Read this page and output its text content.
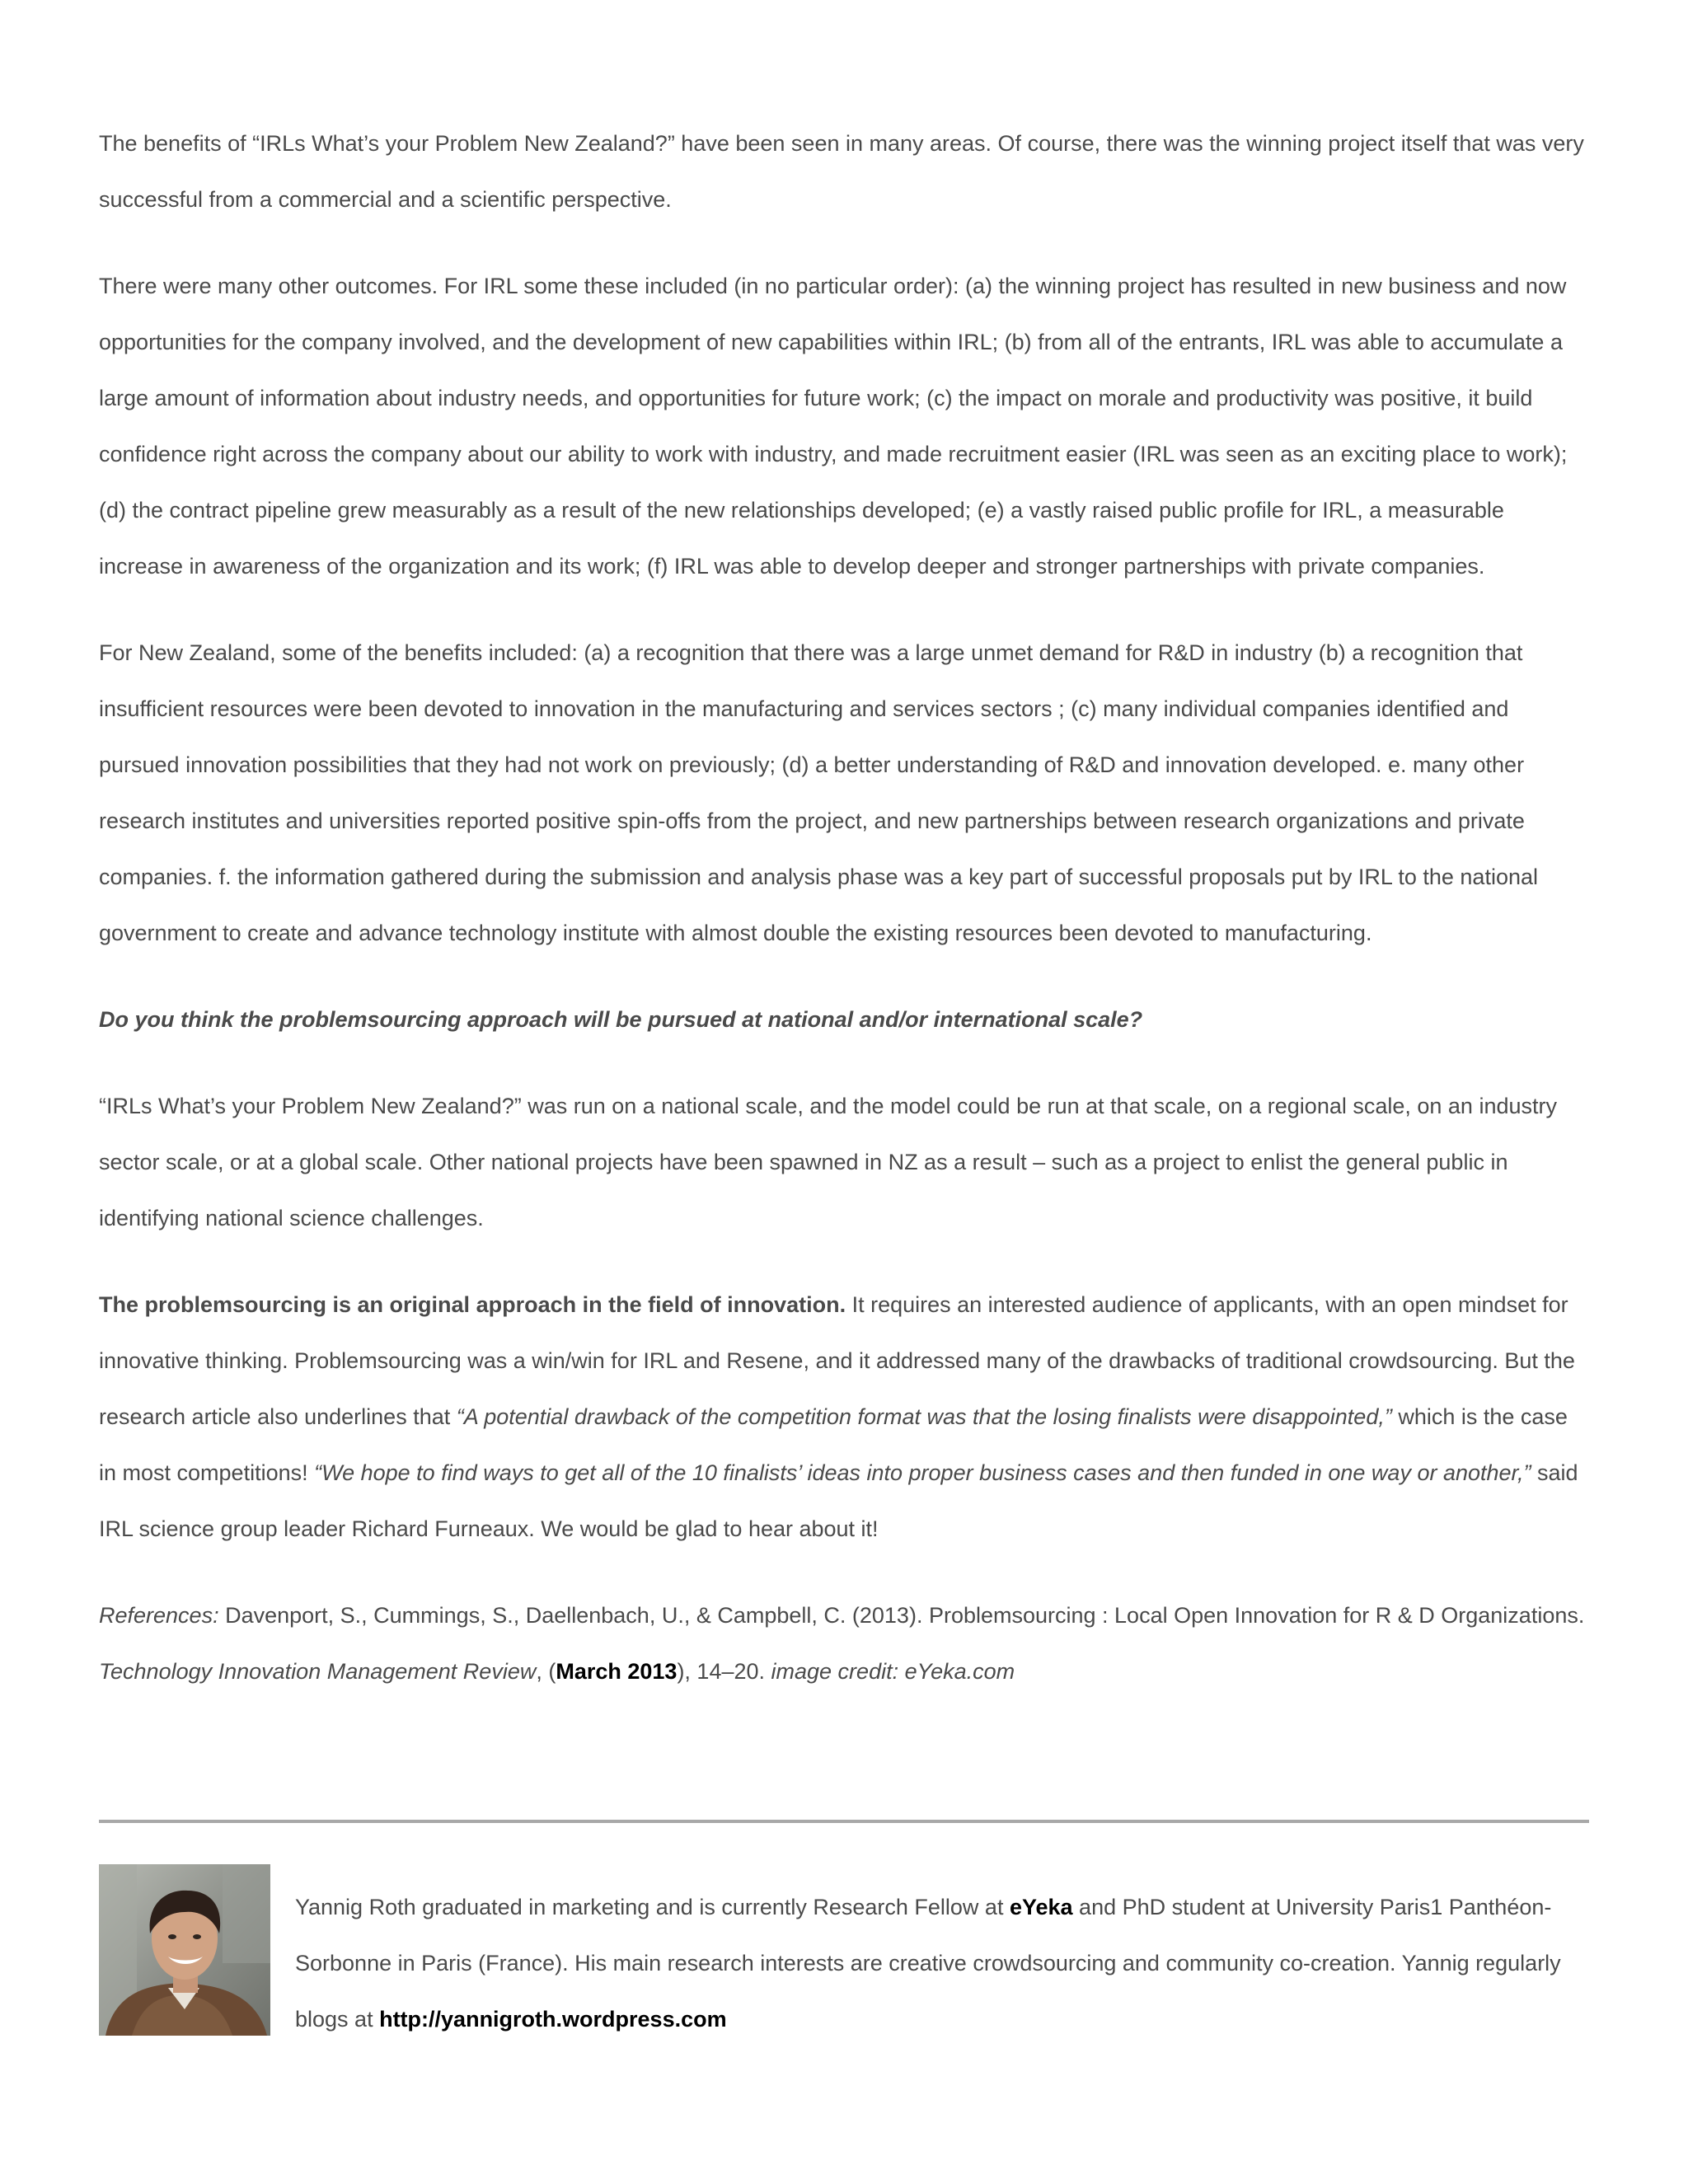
The benefits of “IRLs What’s your Problem New Zealand?” have been seen in many areas. Of course, there was the winning project itself that was very successful from a commercial and a scientific perspective.

There were many other outcomes. For IRL some these included (in no particular order): (a) the winning project has resulted in new business and now opportunities for the company involved, and the development of new capabilities within IRL; (b) from all of the entrants, IRL was able to accumulate a large amount of information about industry needs, and opportunities for future work; (c) the impact on morale and productivity was positive, it build confidence right across the company about our ability to work with industry, and made recruitment easier (IRL was seen as an exciting place to work); (d) the contract pipeline grew measurably as a result of the new relationships developed; (e) a vastly raised public profile for IRL, a measurable increase in awareness of the organization and its work; (f) IRL was able to develop deeper and stronger partnerships with private companies.

For New Zealand, some of the benefits included: (a) a recognition that there was a large unmet demand for R&D in industry (b) a recognition that insufficient resources were been devoted to innovation in the manufacturing and services sectors ; (c) many individual companies identified and pursued innovation possibilities that they had not work on previously; (d) a better understanding of R&D and innovation developed. e. many other research institutes and universities reported positive spin-offs from the project, and new partnerships between research organizations and private companies. f. the information gathered during the submission and analysis phase was a key part of successful proposals put by IRL to the national government to create and advance technology institute with almost double the existing resources been devoted to manufacturing.

Do you think the problemsourcing approach will be pursued at national and/or international scale?

“IRLs What’s your Problem New Zealand?” was run on a national scale, and the model could be run at that scale, on a regional scale, on an industry sector scale, or at a global scale. Other national projects have been spawned in NZ as a result – such as a project to enlist the general public in identifying national science challenges.

The problemsourcing is an original approach in the field of innovation. It requires an interested audience of applicants, with an open mindset for innovative thinking. Problemsourcing was a win/win for IRL and Resene, and it addressed many of the drawbacks of traditional crowdsourcing. But the research article also underlines that “A potential drawback of the competition format was that the losing finalists were disappointed,” which is the case in most competitions! “We hope to find ways to get all of the 10 finalists’ ideas into proper business cases and then funded in one way or another,” said IRL science group leader Richard Furneaux. We would be glad to hear about it!

References: Davenport, S., Cummings, S., Daellenbach, U., & Campbell, C. (2013). Problemsourcing : Local Open Innovation for R & D Organizations. Technology Innovation Management Review, (March 2013), 14–20. image credit: eYeka.com

Yannig Roth graduated in marketing and is currently Research Fellow at eYeka and PhD student at University Paris1 Panthéon-Sorbonne in Paris (France). His main research interests are creative crowdsourcing and community co-creation. Yannig regularly blogs at http://yannigroth.wordpress.com
